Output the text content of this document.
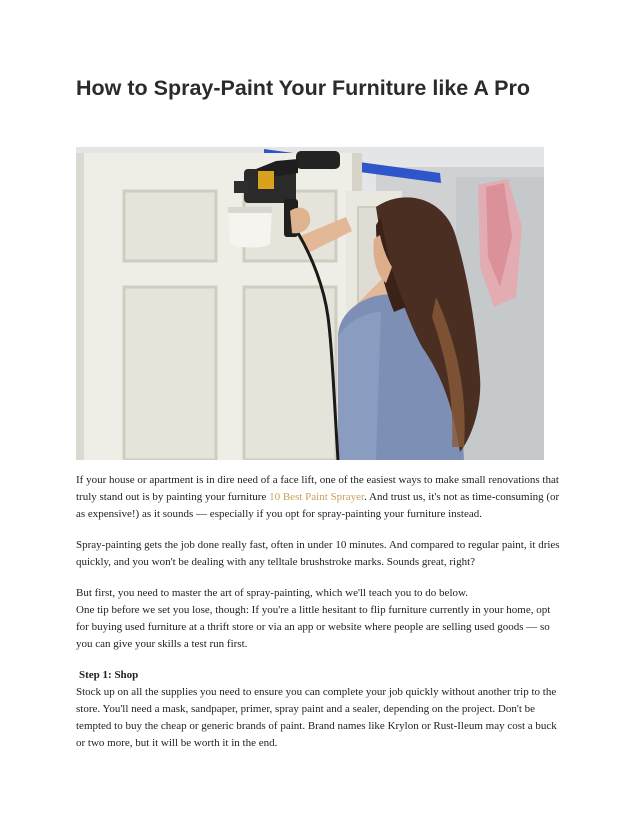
How to Spray-Paint Your Furniture like A Pro

If your house or apartment is in dire need of a face lift, one of the easiest ways to make small renovations that truly stand out is by painting your furniture 10 Best Paint Sprayer. And trust us, it's not as time-consuming (or as expensive!) as it sounds — especially if you opt for spray-painting your furniture instead.

Spray-painting gets the job done really fast, often in under 10 minutes. And compared to regular paint, it dries quickly, and you won't be dealing with any telltale brushstroke marks. Sounds great, right?

But first, you need to master the art of spray-painting, which we'll teach you to do below.

One tip before we set you lose, though: If you're a little hesitant to flip furniture currently in your home, opt for buying used furniture at a thrift store or via an app or website where people are selling used goods — so you can give your skills a test run first.

Step 1: Shop

Stock up on all the supplies you need to ensure you can complete your job quickly without another trip to the store. You'll need a mask, sandpaper, primer, spray paint and a sealer, depending on the project. Don't be tempted to buy the cheap or generic brands of paint. Brand names like Krylon or Rust-Ileum may cost a buck or two more, but it will be worth it in the end.
